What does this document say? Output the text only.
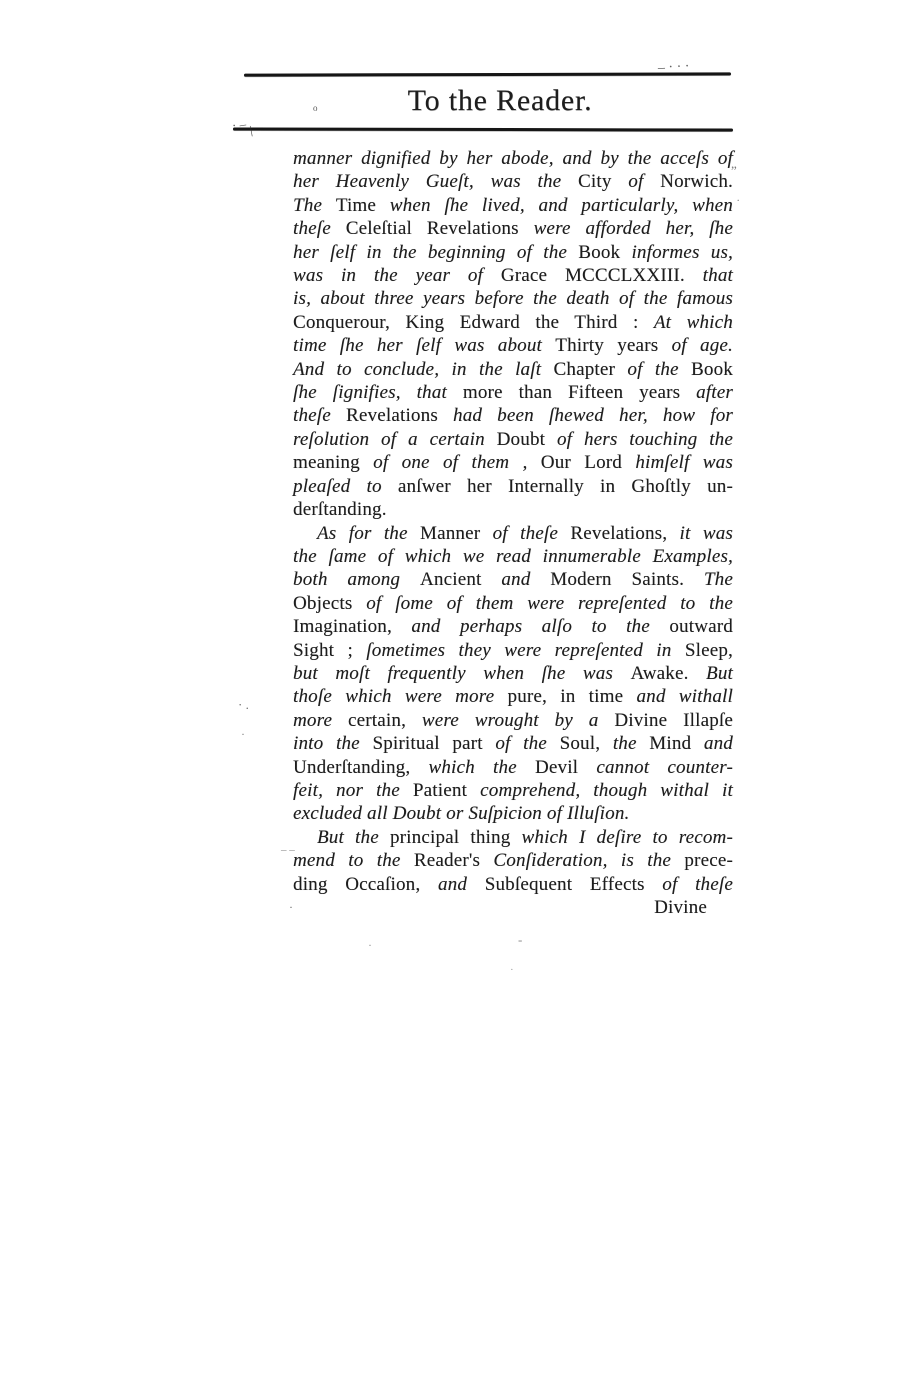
To the Reader.
manner dignified by her abode, and by the acceſs of
her Heavenly Gueſt, was the City of Norwich.
The Time when ſhe lived, and particularly, when
theſe Celeſtial Revelations were afforded her, ſhe
her ſelf in the beginning of the Book informes us,
was in the year of Grace MCCCLXXIII. that
is, about three years before the death of the famous
Conquerour, King Edward the Third : At which
time ſhe her ſelf was about Thirty years of age.
And to conclude, in the laſt Chapter of the Book
ſhe ſignifies, that more than Fifteen years after
theſe Revelations had been ſhewed her, how for
reſolution of a certain Doubt of hers touching the
meaning of one of them , Our Lord himſelf was
pleaſed to anſwer her Internally in Ghoſtly un-
derſtanding.
As for the Manner of theſe Revelations, it was
the ſame of which we read innumerable Examples,
both among Ancient and Modern Saints. The
Objects of ſome of them were repreſented to the
Imagination, and perhaps alſo to the outward
Sight ; ſometimes they were repreſented in Sleep,
but moſt frequently when ſhe was Awake. But
thoſe which were more pure, in time and withall
more certain, were wrought by a Divine Illapſe
into the Spiritual part of the Soul, the Mind and
Underſtanding, which the Devil cannot counter-
feit, nor the Patient comprehend, though withal it
excluded all Doubt or Suſpicion of Illuſion.
But the principal thing which I deſire to recom-
mend to the Reader's Conſideration, is the prece-
ding Occaſion, and Subſequent Effects of theſe
Divine
– · · ·
o
· – \
”
˙
· .
·
_ _
·
-
·
·
